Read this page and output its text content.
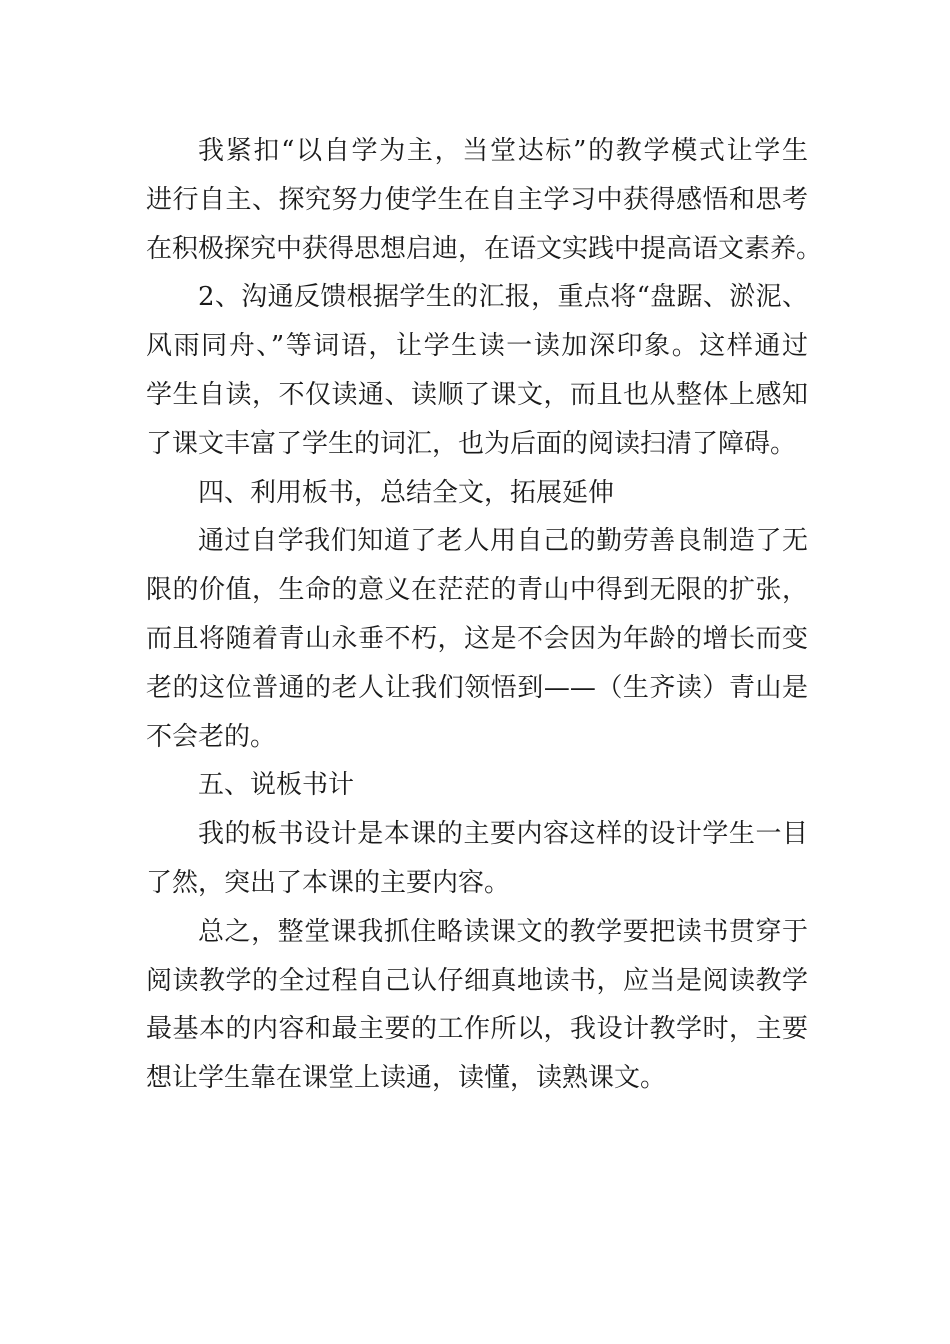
我紧扣“以自学为主，当堂达标”的教学模式让学生
进行自主、探究努力使学生在自主学习中获得感悟和思考
在积极探究中获得思想启迪，在语文实践中提高语文素养。
2、沟通反馈根据学生的汇报，重点将“盘踞、淤泥、
风雨同舟、”等词语，让学生读一读加深印象。这样通过
学生自读，不仅读通、读顺了课文，而且也从整体上感知
了课文丰富了学生的词汇，也为后面的阅读扫清了障碍。
四、利用板书，总结全文，拓展延伸
通过自学我们知道了老人用自己的勤劳善良制造了无
限的价值，生命的意义在茫茫的青山中得到无限的扩张，
而且将随着青山永垂不朽，这是不会因为年龄的增长而变
老的这位普通的老人让我们领悟到——（生齐读）青山是
不会老的。
五、说板书计
我的板书设计是本课的主要内容这样的设计学生一目
了然，突出了本课的主要内容。
总之，整堂课我抓住略读课文的教学要把读书贯穿于
阅读教学的全过程自己认仔细真地读书，应当是阅读教学
最基本的内容和最主要的工作所以，我设计教学时，主要
想让学生靠在课堂上读通，读懂，读熟课文。
